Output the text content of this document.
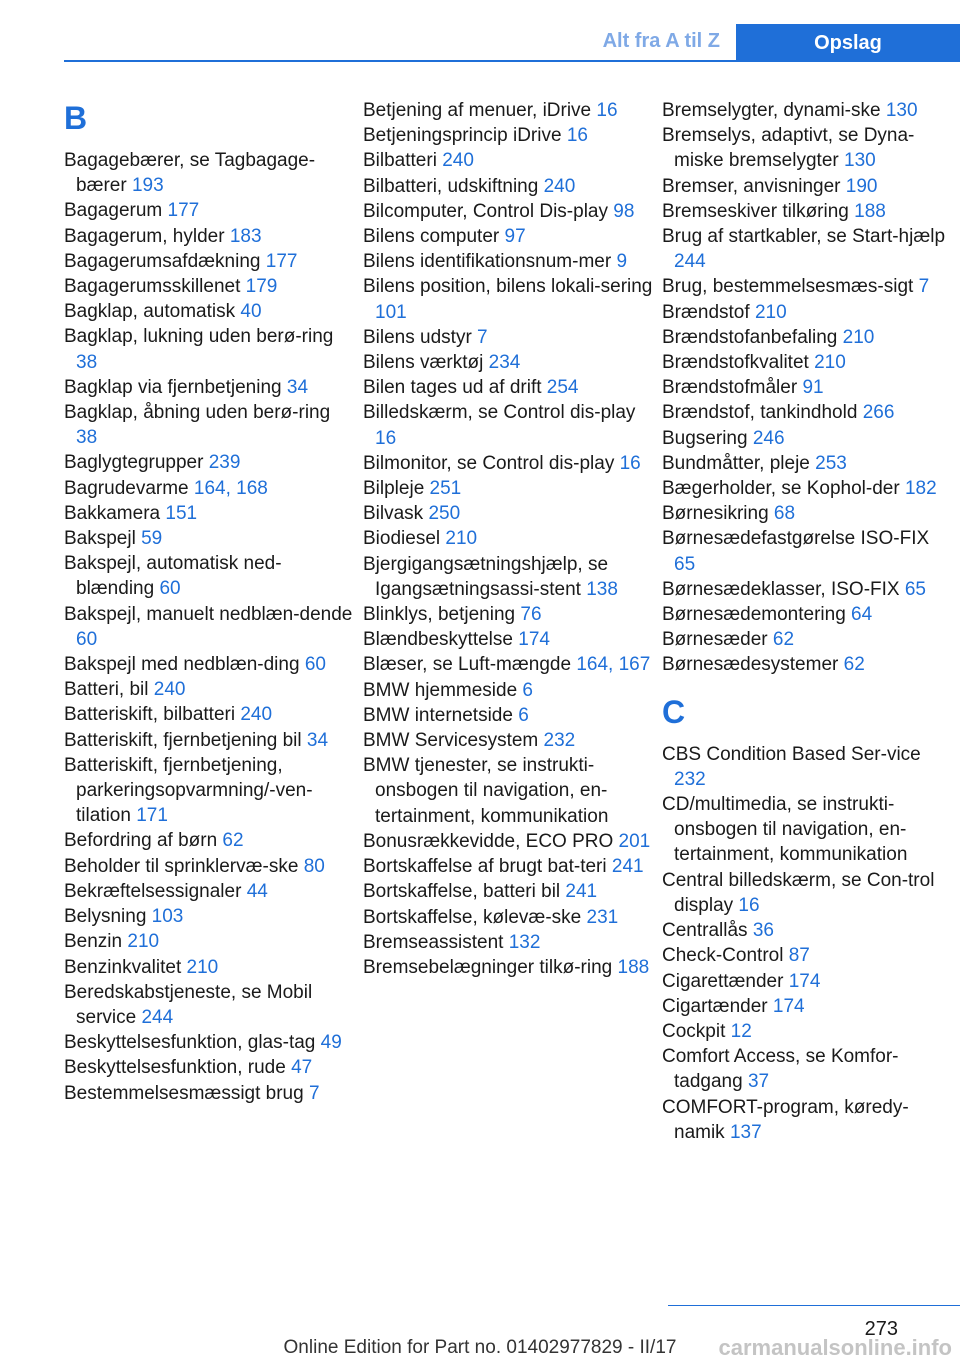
Alt fra A til Z	Opslag
B
Bagagebærer, se Tagbagage‐bærer 193
Bagagerum 177
Bagagerum, hylder 183
Bagagerumsafdækning 177
Bagagerumsskillenet 179
Bagklap, automatisk 40
Bagklap, lukning uden berø‐ring 38
Bagklap via fjernbetjening 34
Bagklap, åbning uden berø‐ring 38
Baglygtegrupper 239
Bagrudevarme 164, 168
Bakkamera 151
Bakspejl 59
Bakspejl, automatisk ned‐blænding 60
Bakspejl, manuelt nedblæn‐dende 60
Bakspejl med nedblæn‐ding 60
Batteri, bil 240
Batteriskift, bilbatteri 240
Batteriskift, fjernbetjening bil 34
Batteriskift, fjernbetjening, parkeringsopvarmning/-ven‐tilation 171
Befordring af børn 62
Beholder til sprinklervæ‐ske 80
Bekræftelsessignaler 44
Belysning 103
Benzin 210
Benzinkvalitet 210
Beredskabstjeneste, se Mobil service 244
Beskyttelsesfunktion, glas‐tag 49
Beskyttelsesfunktion, rude 47
Bestemmelsesmæssigt brug 7
Betjening af menuer, iDrive 16
Betjeningsprincip iDrive 16
Bilbatteri 240
Bilbatteri, udskiftning 240
Bilcomputer, Control Dis‐play 98
Bilens computer 97
Bilens identifikationsnum‐mer 9
Bilens position, bilens lokali‐sering 101
Bilens udstyr 7
Bilens værktøj 234
Bilen tages ud af drift 254
Billedskærm, se Control dis‐play 16
Bilmonitor, se Control dis‐play 16
Bilpleje 251
Bilvask 250
Biodiesel 210
Bjergigangsætningshjælp, se Igangsætningsassi‐stent 138
Blinklys, betjening 76
Blændbeskyttelse 174
Blæser, se Luft‐mængde 164, 167
BMW hjemmeside 6
BMW internetside 6
BMW Servicesystem 232
BMW tjenester, se instrukti‐onsbogen til navigation, en‐tertainment, kommunikation
Bonusrækkevidde, ECO PRO 201
Bortskaffelse af brugt bat‐teri 241
Bortskaffelse, batteri bil 241
Bortskaffelse, kølevæ‐ske 231
Bremseassistent 132
Bremsebelægninger tilkø‐ring 188
Bremselygter, dynami‐ske 130
Bremselys, adaptivt, se Dyna‐miske bremselygter 130
Bremser, anvisninger 190
Bremseskiver tilkøring 188
Brug af startkabler, se Start‐hjælp 244
Brug, bestemmelsesmæs‐sigt 7
Brændstof 210
Brændstofanbefaling 210
Brændstofkvalitet 210
Brændstofmåler 91
Brændstof, tankindhold 266
Bugsering 246
Bundmåtter, pleje 253
Bægerholder, se Kophol‐der 182
Børnesikring 68
Børnesædefastgørelse ISO‐FIX 65
Børnesædeklasser, ISO‐FIX 65
Børnesædemontering 64
Børnesæder 62
Børnesædesystemer 62
C
CBS Condition Based Ser‐vice 232
CD/multimedia, se instrukti‐onsbogen til navigation, en‐tertainment, kommunikation
Central billedskærm, se Con‐trol display 16
Centrallås 36
Check-Control 87
Cigarettænder 174
Cigartænder 174
Cockpit 12
Comfort Access, se Komfor‐tadgang 37
COMFORT-program, køredy‐namik 137
273
Online Edition for Part no. 01402977829 - II/17	carmanualsonline.info
